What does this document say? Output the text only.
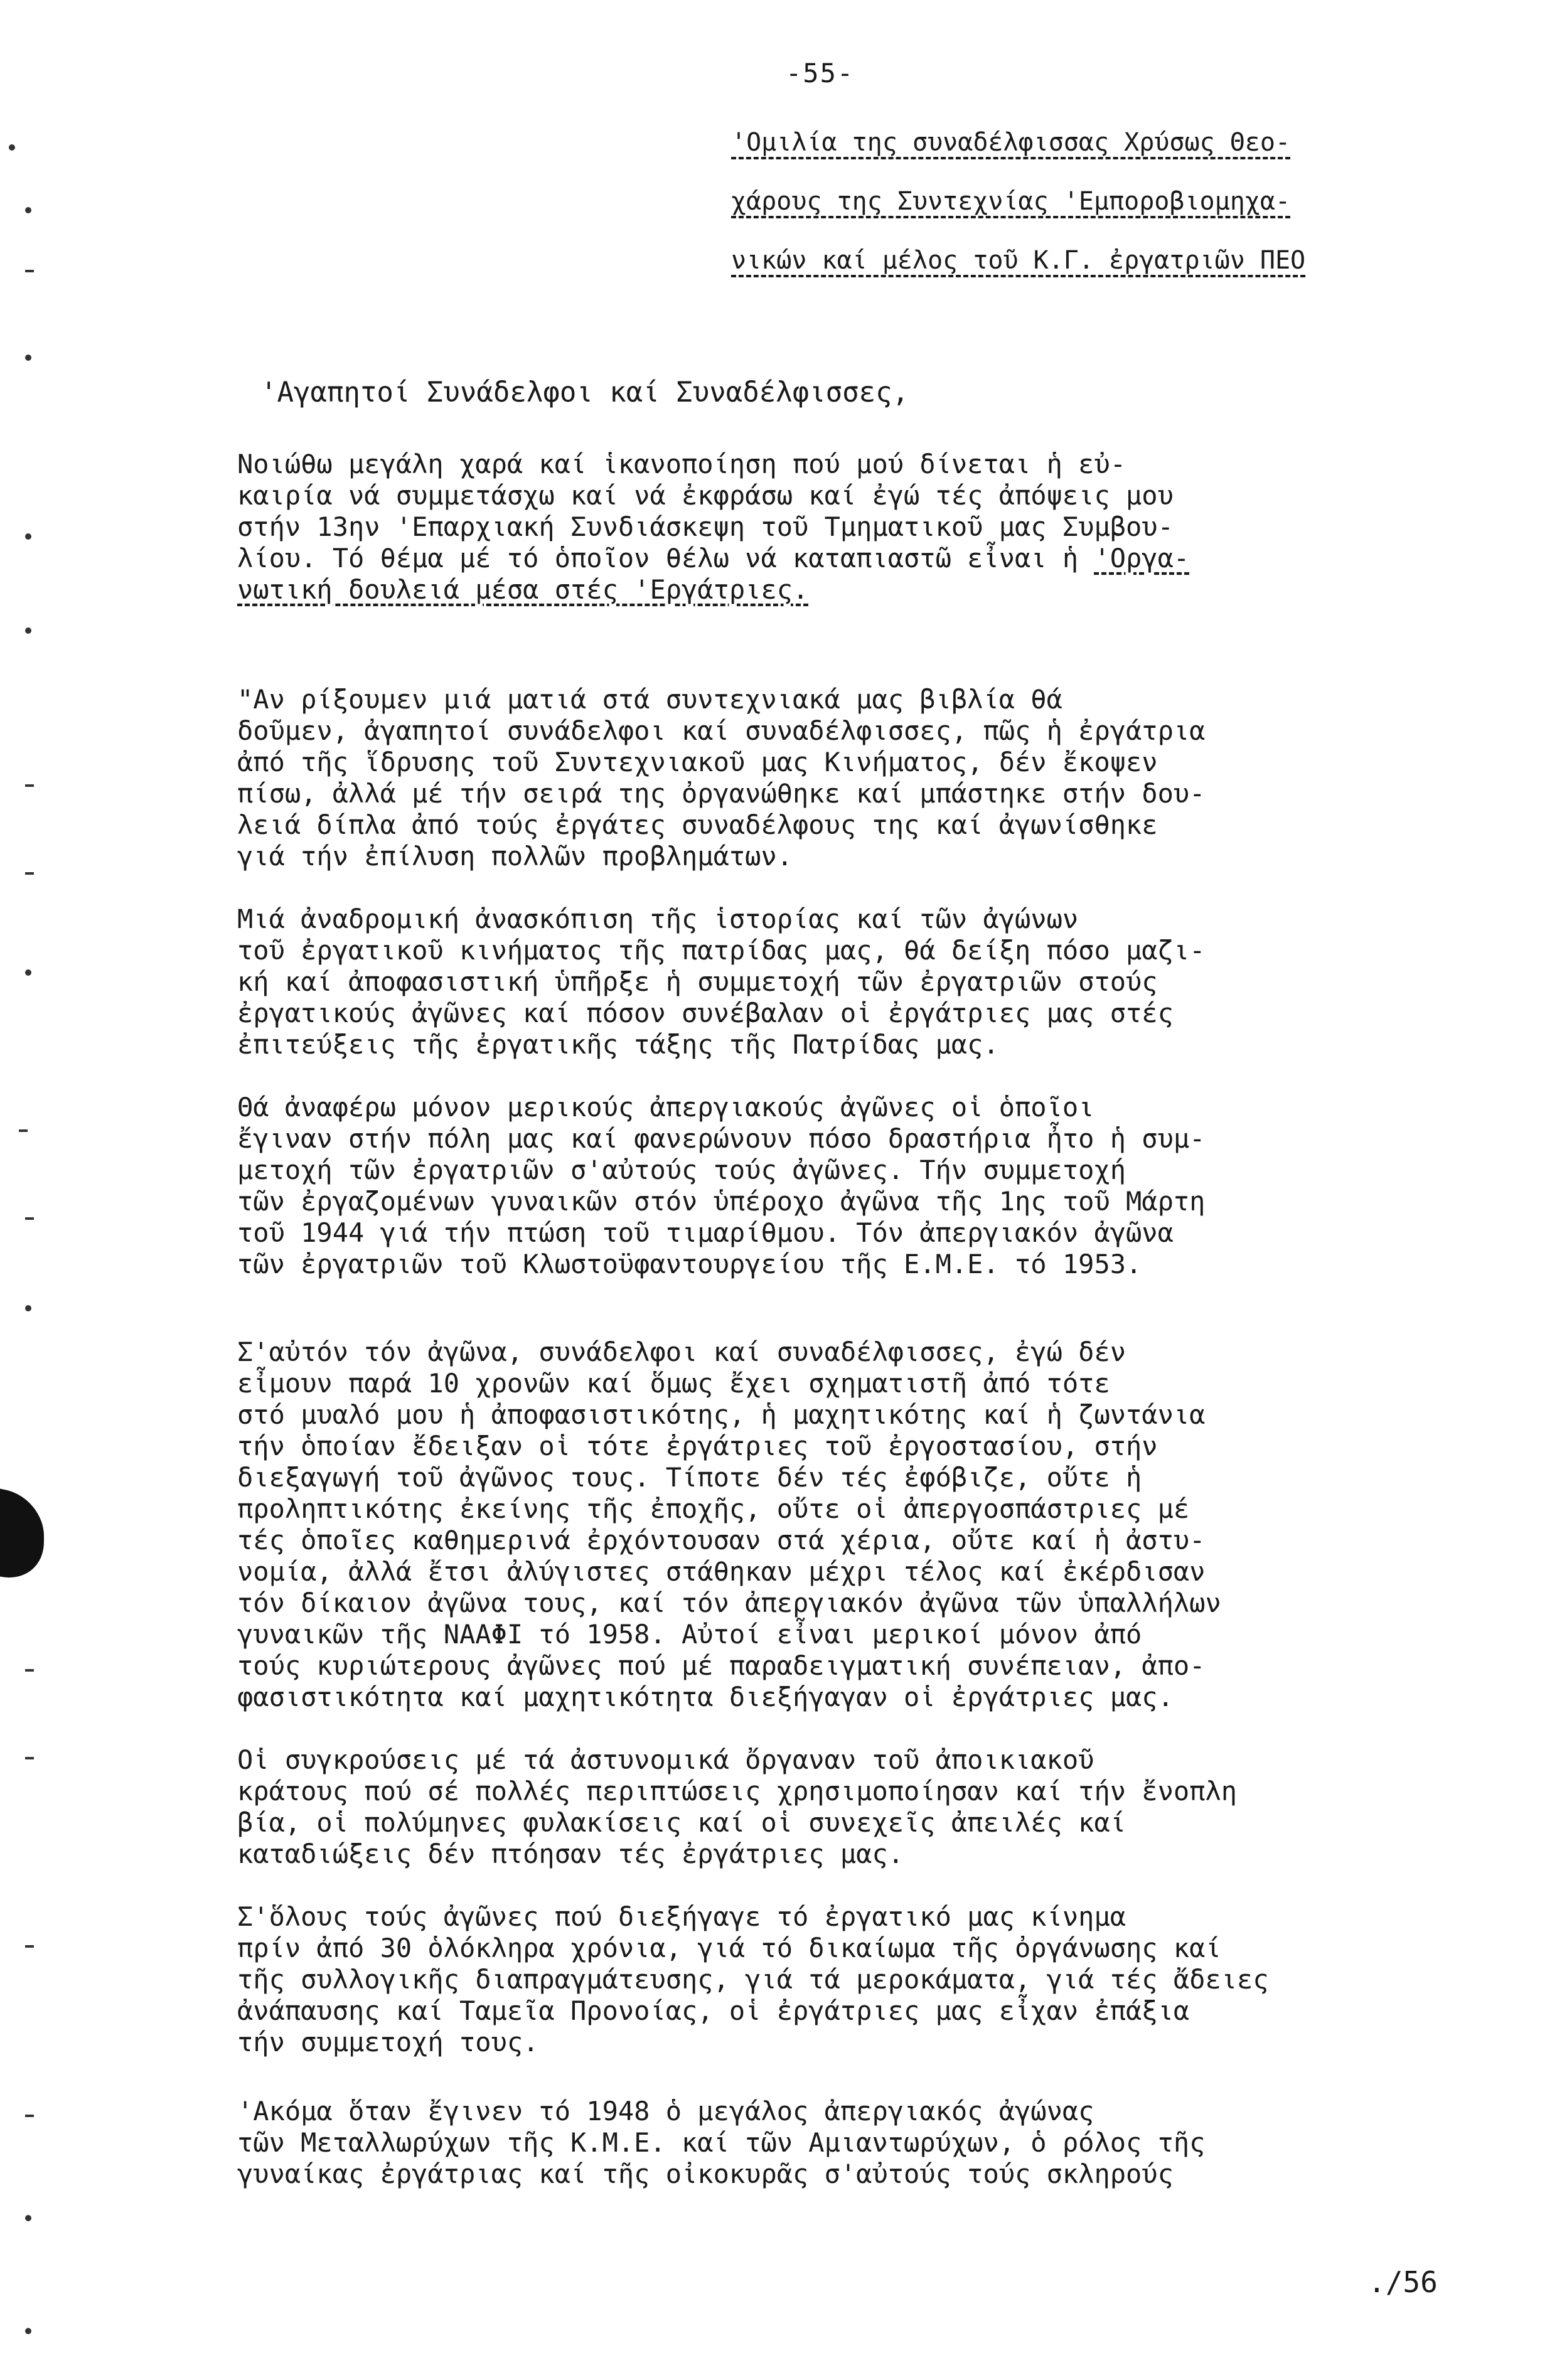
-55-
'Ομιλία της συναδέλφισσας Χρύσως Θεο-
χάρους της Συντεχνίας 'Εμποροβιομηχα-
νικών καί μέλος τοῦ Κ.Γ. ἐργατριῶν ΠΕΟ
'Αγαπητοί Συνάδελφοι καί Συναδέλφισσες,
Νοιώθω μεγάλη χαρά καί ἱκανοποίηση πού μού δίνεται ἡ εὐ-
καιρία νά συμμετάσχω καί νά ἐκφράσω καί ἐγώ τές ἀπόψεις μου
στήν 13ην 'Επαρχιακή Συνδιάσκεψη τοῦ Τμηματικοῦ μας Συμβου-
λίου. Τό θέμα μέ τό ὁποῖον θέλω νά καταπιαστῶ εἶναι ἡ 'Οργα-
νωτική δουλειά μέσα στές 'Εργάτριες.
"Αν ρίξουμεν μιά ματιά στά συντεχνιακά μας βιβλία θά
δοῦμεν, ἀγαπητοί συνάδελφοι καί συναδέλφισσες, πῶς ἡ ἐργάτρια
ἀπό τῆς ἵδρυσης τοῦ Συντεχνιακοῦ μας Κινήματος, δέν ἔκοψεν
πίσω, ἀλλά μέ τήν σειρά της ὀργανώθηκε καί μπάστηκε στήν δου-
λειά δίπλα ἀπό τούς ἐργάτες συναδέλφους της καί ἀγωνίσθηκε
γιά τήν ἐπίλυση πολλῶν προβλημάτων.
Μιά ἀναδρομική ἀνασκόπιση τῆς ἱστορίας καί τῶν ἀγώνων
τοῦ ἐργατικοῦ κινήματος τῆς πατρίδας μας, θά δείξη πόσο μαζι-
κή καί ἀποφασιστική ὑπῆρξε ἡ συμμετοχή τῶν ἐργατριῶν στούς
ἐργατικούς ἀγῶνες καί πόσον συνέβαλαν οἱ ἐργάτριες μας στές
ἐπιτεύξεις τῆς ἐργατικῆς τάξης τῆς Πατρίδας μας.
Θά ἀναφέρω μόνον μερικούς ἀπεργιακούς ἀγῶνες οἱ ὁποῖοι
ἔγιναν στήν πόλη μας καί φανερώνουν πόσο δραστήρια ἦτο ἡ συμ-
μετοχή τῶν ἐργατριῶν σ'αὐτούς τούς ἀγῶνες. Τήν συμμετοχή
τῶν ἐργαζομένων γυναικῶν στόν ὑπέροχο ἀγῶνα τῆς 1ης τοῦ Μάρτη
τοῦ 1944 γιά τήν πτώση τοῦ τιμαρίθμου. Τόν ἀπεργιακόν ἀγῶνα
τῶν ἐργατριῶν τοῦ Κλωστοϋφαντουργείου τῆς Ε.Μ.Ε. τό 1953.
Σ'αὐτόν τόν ἀγῶνα, συνάδελφοι καί συναδέλφισσες, ἐγώ δέν
εἶμουν παρά 10 χρονῶν καί ὅμως ἔχει σχηματιστῆ ἀπό τότε
στό μυαλό μου ἡ ἀποφασιστικότης, ἡ μαχητικότης καί ἡ ζωντάνια
τήν ὁποίαν ἔδειξαν οἱ τότε ἐργάτριες τοῦ ἐργοστασίου, στήν
διεξαγωγή τοῦ ἀγῶνος τους. Τίποτε δέν τές ἐφόβιζε, οὔτε ἡ
προληπτικότης ἐκείνης τῆς ἐποχῆς, οὔτε οἱ ἀπεργοσπάστριες μέ
τές ὁποῖες καθημερινά ἐρχόντουσαν στά χέρια, οὔτε καί ἡ ἀστυ-
νομία, ἀλλά ἔτσι ἀλύγιστες στάθηκαν μέχρι τέλος καί ἐκέρδισαν
τόν δίκαιον ἀγῶνα τους, καί τόν ἀπεργιακόν ἀγῶνα τῶν ὑπαλλήλων
γυναικῶν τῆς ΝΑΑΦΙ τό 1958. Αὐτοί εἶναι μερικοί μόνον ἀπό
τούς κυριώτερους ἀγῶνες πού μέ παραδειγματική συνέπειαν, ἀπο-
φασιστικότητα καί μαχητικότητα διεξήγαγαν οἱ ἐργάτριες μας.
Οἱ συγκρούσεις μέ τά ἀστυνομικά ὄργαναν τοῦ ἀποικιακοῦ
κράτους πού σέ πολλές περιπτώσεις χρησιμοποίησαν καί τήν ἔνοπλη
βία, οἱ πολύμηνες φυλακίσεις καί οἱ συνεχεῖς ἀπειλές καί
καταδιώξεις δέν πτόησαν τές ἐργάτριες μας.
Σ'ὅλους τούς ἀγῶνες πού διεξήγαγε τό ἐργατικό μας κίνημα
πρίν ἀπό 30 ὁλόκληρα χρόνια, γιά τό δικαίωμα τῆς ὀργάνωσης καί
τῆς συλλογικῆς διαπραγμάτευσης, γιά τά μεροκάματα, γιά τές ἄδειες
ἀνάπαυσης καί Ταμεῖα Προνοίας, οἱ ἐργάτριες μας εἶχαν ἐπάξια
τήν συμμετοχή τους.
'Ακόμα ὅταν ἔγινεν τό 1948 ὁ μεγάλος ἀπεργιακός ἀγώνας
τῶν Μεταλλωρύχων τῆς Κ.Μ.Ε. καί τῶν Αμιαντωρύχων, ὁ ρόλος τῆς
γυναίκας ἐργάτριας καί τῆς οἰκοκυρᾶς σ'αὐτούς τούς σκληρούς
./56
